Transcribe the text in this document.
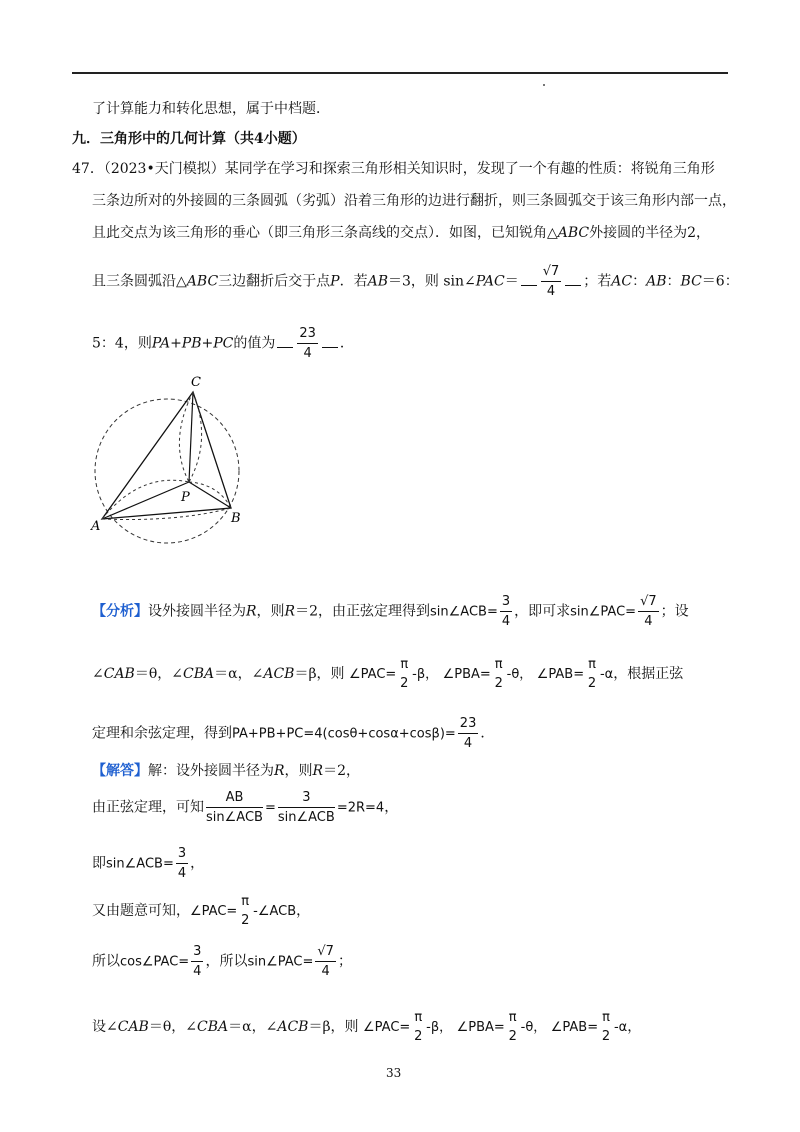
了计算能力和转化思想，属于中档题．
九．三角形中的几何计算（共4小题）
47．（2023•天门模拟）某同学在学习和探索三角形相关知识时，发现了一个有趣的性质：将锐角三角形
三条边所对的外接圆的三条圆弧（劣弧）沿着三角形的边进行翻折，则三条圆弧交于该三角形内部一点，
且此交点为该三角形的垂心（即三角形三条高线的交点）．如图，已知锐角△ABC外接圆的半径为2，
且三条圆弧沿△ABC三边翻折后交于点P．若AB＝3，则 sin∠PAC＝ $\frac{√7}{4}$ ；若AC：AB：BC＝6：
5：4，则PA+PB+PC的值为 $\frac{23}{4}$ ．
C
P
A
B
【分析】设外接圆半径为R，则R＝2，由正弦定理得到sin∠ACB= $\frac{3}{4}$ ，即可求sin∠PAC= $\frac{√7}{4}$ ；设
∠CAB＝θ，∠CBA＝α，∠ACB＝β，则 ∠PAC=
π
2
-β， ∠PBA=
π
2
-θ， ∠PAB=
π
2
-α，根据正弦
定理和余弦定理，得到$PA+PB+PC=4(\cos\theta+\cos\alpha+\cos\beta)= \frac{23}{4}$ ．
【解答】解：设外接圆半径为R，则R＝2，
由正弦定理，可知 $\frac{AB}{\text{sin∠ACB}} = \frac{3}{\text{sin∠ACB}} =2R=4$，
即sin∠ACB= $\frac{3}{4}$ ，
又由题意可知，∠PAC=
π
2
-∠ACB，
所以cos∠PAC= $\frac{3}{4}$ ，所以sin∠PAC= $\frac{√7}{4}$ ；
设∠CAB＝θ，∠CBA＝α，∠ACB＝β，则 ∠PAC=
π
2
-β， ∠PBA=
π
2
-θ， ∠PAB=
π
2
-α，
33
